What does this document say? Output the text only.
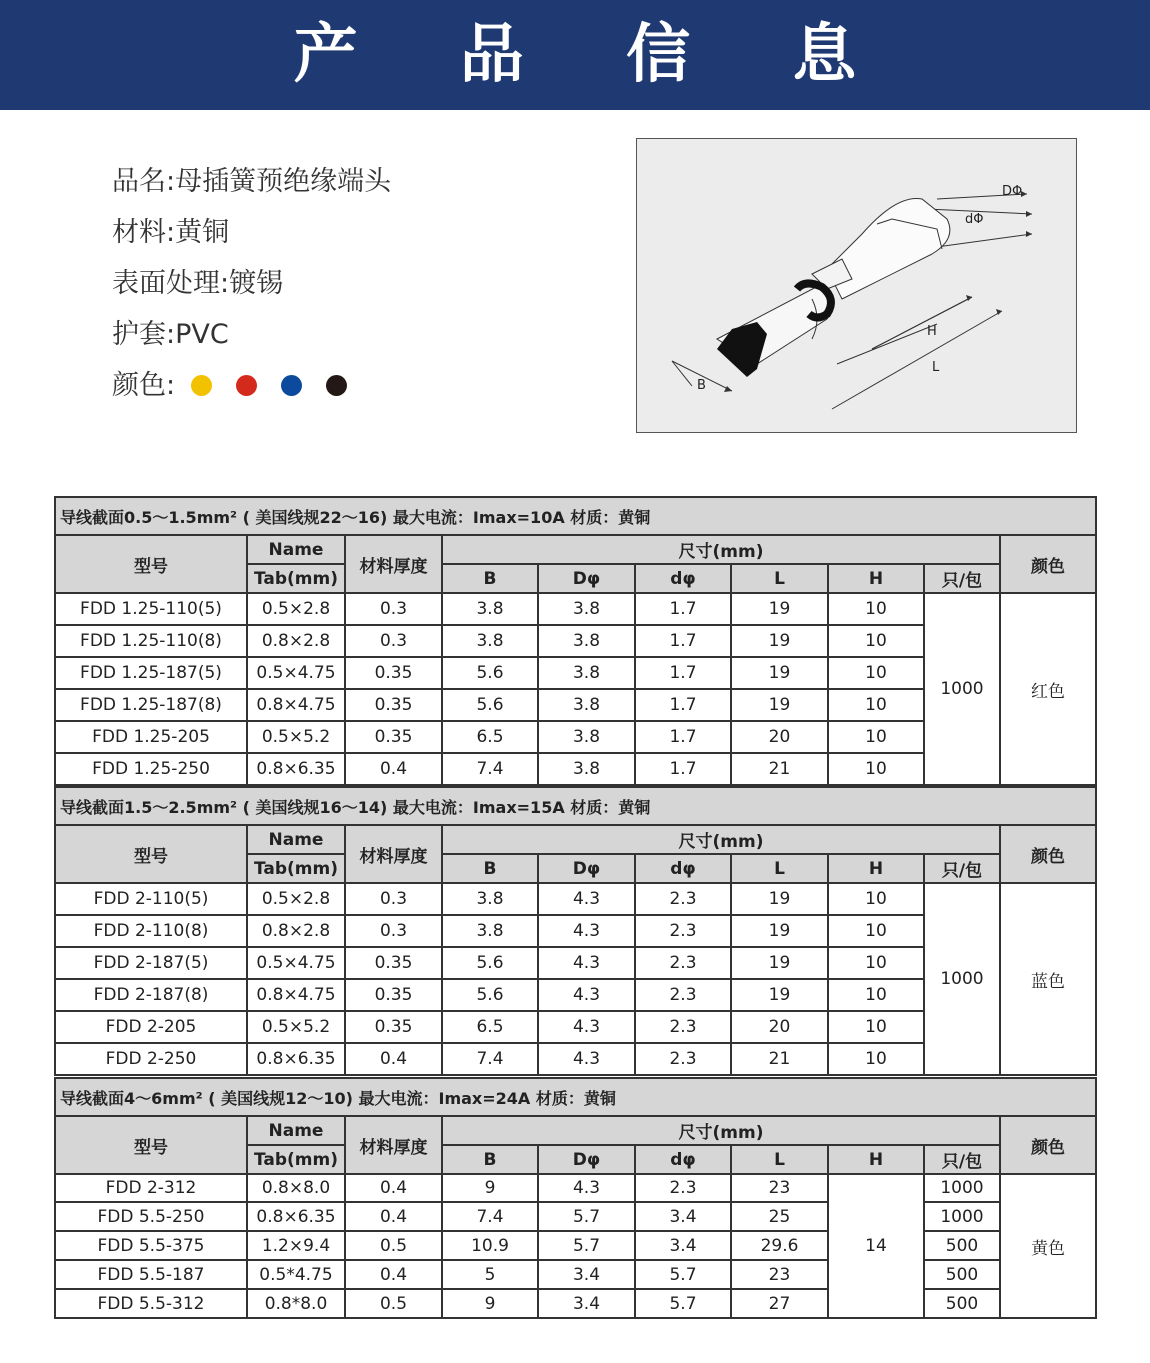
产 品 信 息
品名:母插簧预绝缘端头
材料:黄铜
表面处理:镀锡
护套:PVC
颜色:
DΦ
dΦ
H
L
B
导线截面0.5～1.5mm² ( 美国线规22～16) 最大电流：Imax=10A 材质：黄铜									
型号	Name	材料厚度	尺寸(mm)						颜色
	Tab(mm)		B	Dφ	dφ	L	H	只/包	
FDD 1.25-110(5)	0.5×2.8	0.3	3.8	3.8	1.7	19	10	1000	红色
FDD 1.25-110(8)	0.8×2.8	0.3	3.8	3.8	1.7	19	10		
FDD 1.25-187(5)	0.5×4.75	0.35	5.6	3.8	1.7	19	10		
FDD 1.25-187(8)	0.8×4.75	0.35	5.6	3.8	1.7	19	10		
FDD 1.25-205	0.5×5.2	0.35	6.5	3.8	1.7	20	10		
FDD 1.25-250	0.8×6.35	0.4	7.4	3.8	1.7	21	10		
导线截面1.5～2.5mm² ( 美国线规16～14) 最大电流：Imax=15A 材质：黄铜									
型号	Name	材料厚度	尺寸(mm)						颜色
	Tab(mm)		B	Dφ	dφ	L	H	只/包	
FDD 2-110(5)	0.5×2.8	0.3	3.8	4.3	2.3	19	10	1000	蓝色
FDD 2-110(8)	0.8×2.8	0.3	3.8	4.3	2.3	19	10		
FDD 2-187(5)	0.5×4.75	0.35	5.6	4.3	2.3	19	10		
FDD 2-187(8)	0.8×4.75	0.35	5.6	4.3	2.3	19	10		
FDD 2-205	0.5×5.2	0.35	6.5	4.3	2.3	20	10		
FDD 2-250	0.8×6.35	0.4	7.4	4.3	2.3	21	10		
导线截面4～6mm² ( 美国线规12～10) 最大电流：Imax=24A 材质：黄铜									
型号	Name	材料厚度	尺寸(mm)						颜色
	Tab(mm)		B	Dφ	dφ	L	H	只/包	
FDD 2-312	0.8×8.0	0.4	9	4.3	2.3	23	14	1000	黄色
FDD 5.5-250	0.8×6.35	0.4	7.4	5.7	3.4	25		1000	
FDD 5.5-375	1.2×9.4	0.5	10.9	5.7	3.4	29.6		500	
FDD 5.5-187	0.5*4.75	0.4	5	3.4	5.7	23		500	
FDD 5.5-312	0.8*8.0	0.5	9	3.4	5.7	27		500	
